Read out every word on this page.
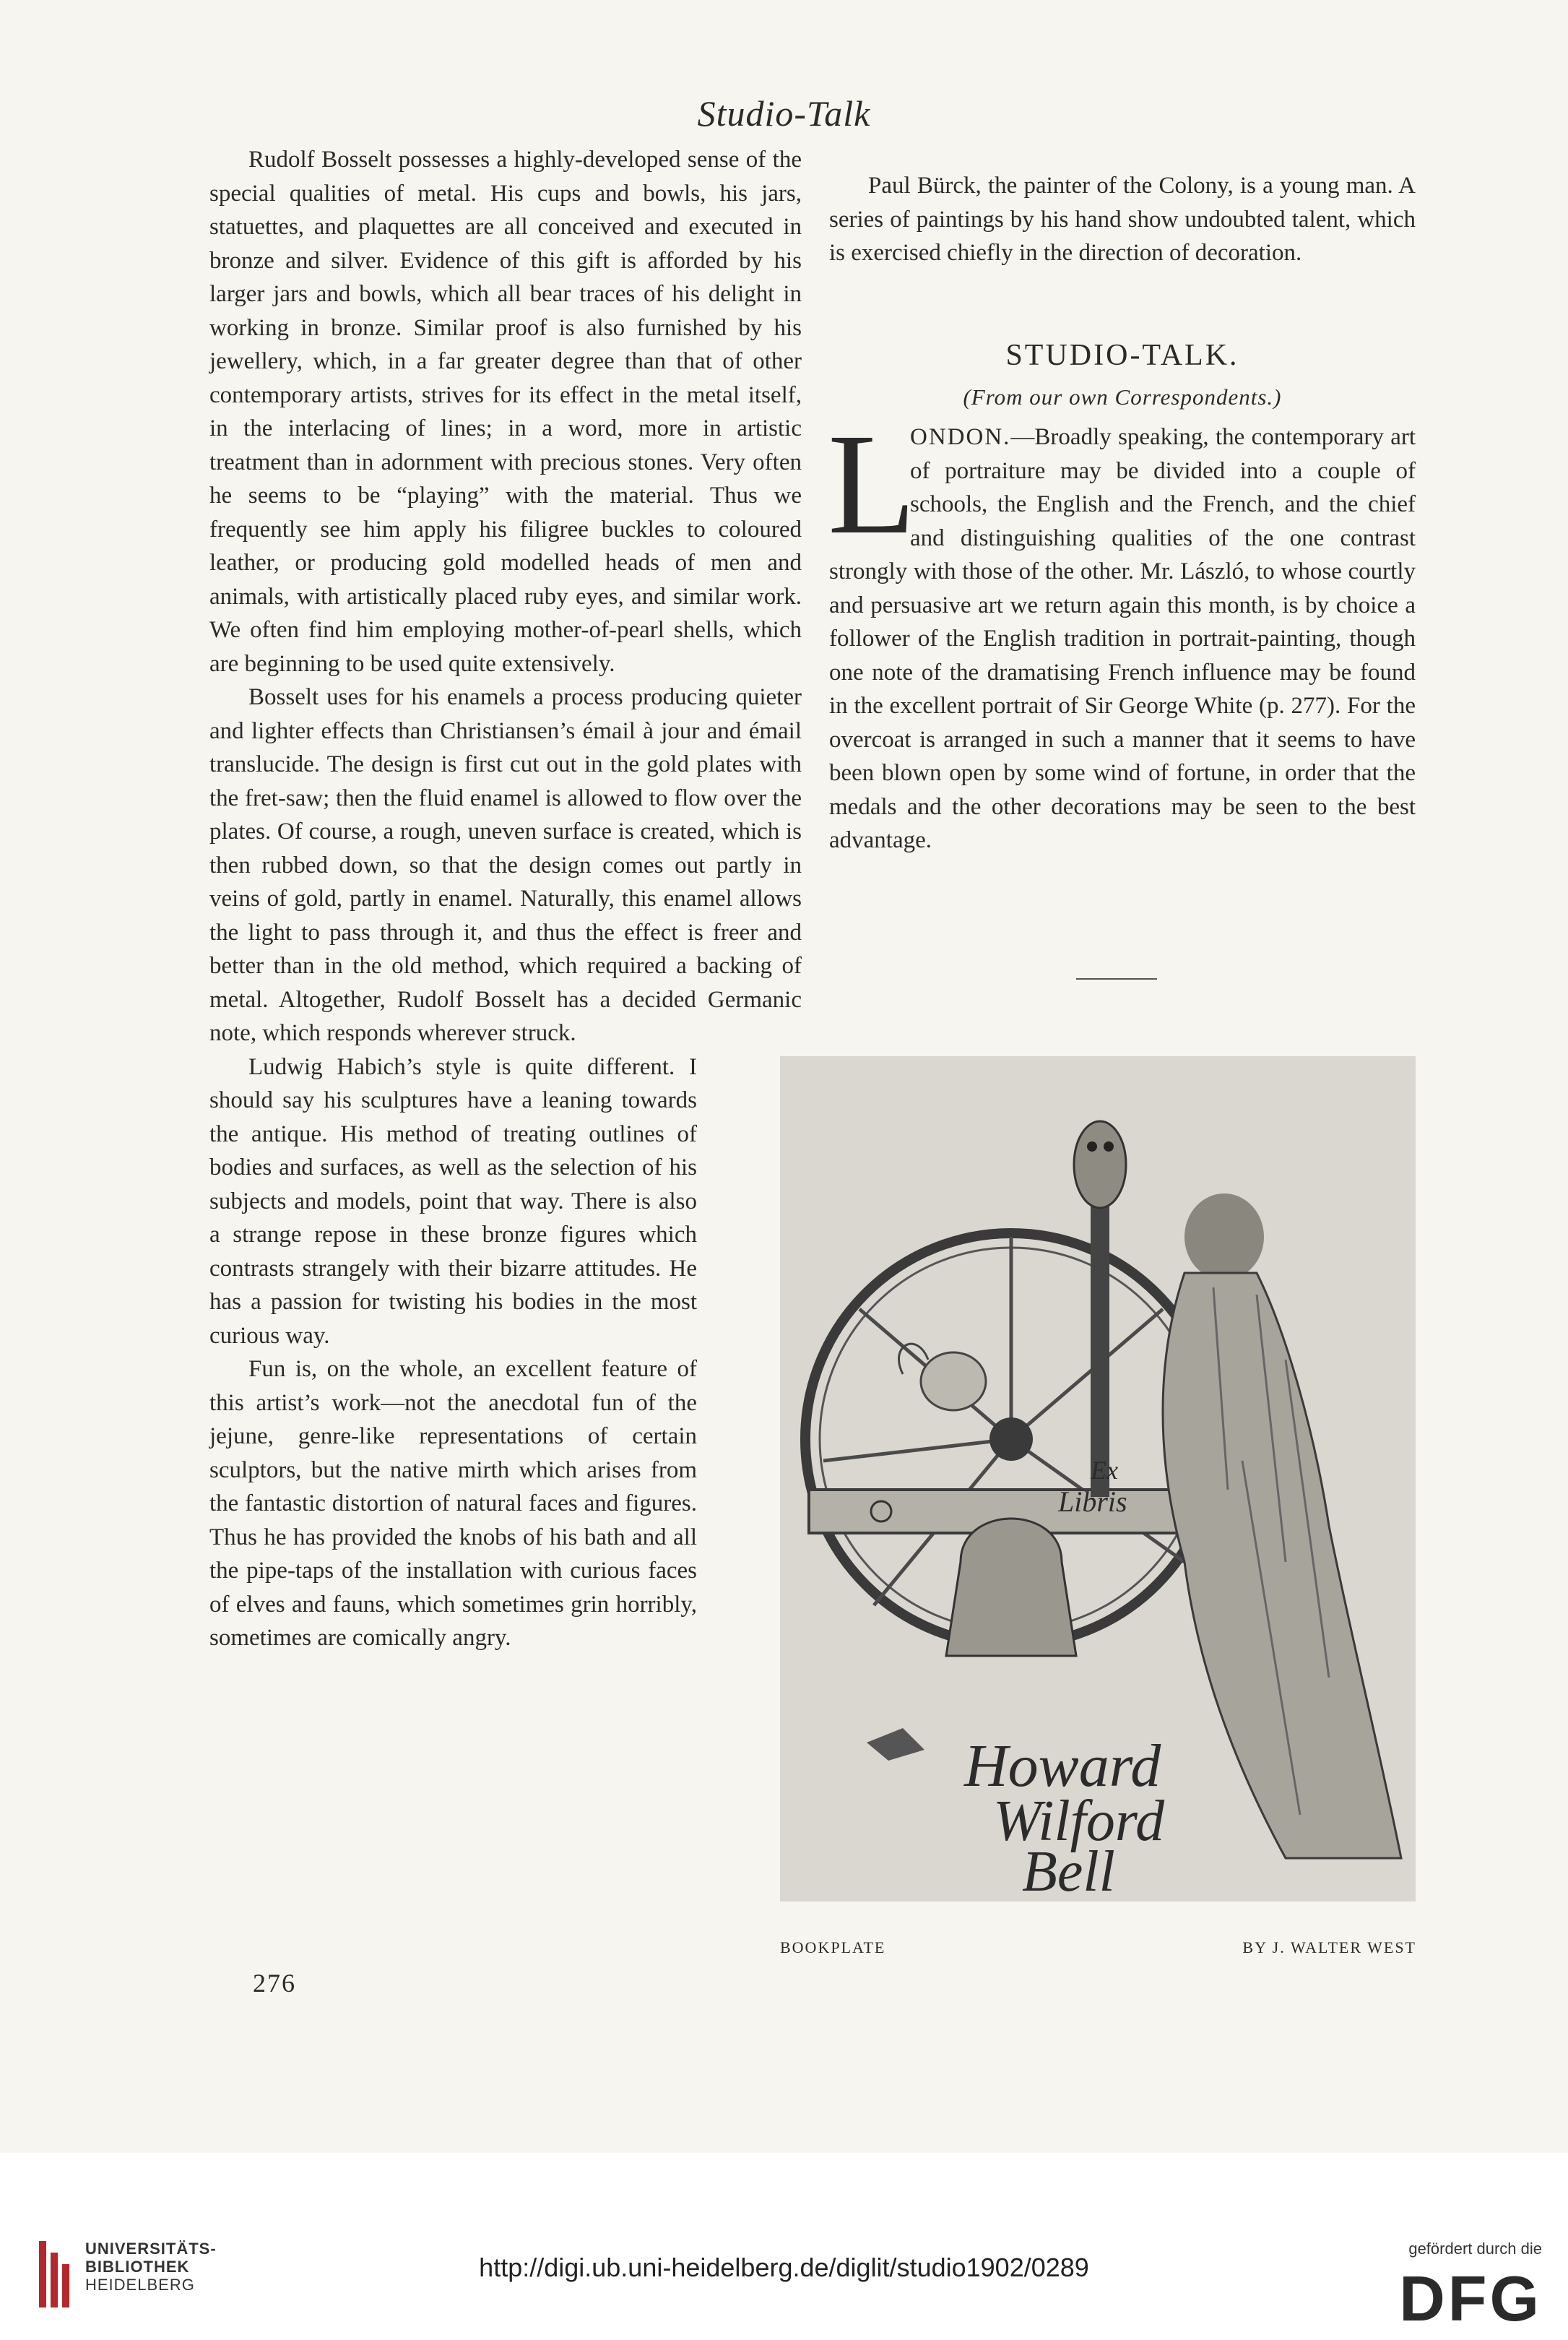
Studio-Talk

Rudolf Bosselt possesses a highly-developed sense of the special qualities of metal. His cups and bowls, his jars, statuettes, and plaquettes are all conceived and executed in bronze and silver. Evidence of this gift is afforded by his larger jars and bowls, which all bear traces of his delight in working in bronze. Similar proof is also furnished by his jewellery, which, in a far greater degree than that of other contemporary artists, strives for its effect in the metal itself, in the interlacing of lines; in a word, more in artistic treatment than in adornment with precious stones. Very often he seems to be “playing” with the material. Thus we frequently see him apply his filigree buckles to coloured leather, or producing gold modelled heads of men and animals, with artistically placed ruby eyes, and similar work. We often find him employing mother-of-pearl shells, which are beginning to be used quite extensively.

Bosselt uses for his enamels a process producing quieter and lighter effects than Christiansen’s émail à jour and émail translucide. The design is first cut out in the gold plates with the fret-saw; then the fluid enamel is allowed to flow over the plates. Of course, a rough, uneven surface is created, which is then rubbed down, so that the design comes out partly in veins of gold, partly in enamel. Naturally, this enamel allows the light to pass through it, and thus the effect is freer and better than in the old method, which required a backing of metal. Altogether, Rudolf Bosselt has a decided Germanic note, which responds wherever struck.

Ludwig Habich’s style is quite different. I should say his sculptures have a leaning towards the antique. His method of treating outlines of bodies and surfaces, as well as the selection of his subjects and models, point that way. There is also a strange repose in these bronze figures which contrasts strangely with their bizarre attitudes. He has a passion for twisting his bodies in the most curious way.

Fun is, on the whole, an excellent feature of this artist’s work—not the anecdotal fun of the jejune, genre-like representations of certain sculptors, but the native mirth which arises from the fantastic distortion of natural faces and figures. Thus he has provided the knobs of his bath and all the pipe-taps of the installation with curious faces of elves and fauns, which sometimes grin horribly, sometimes are comically angry.

Paul Bürck, the painter of the Colony, is a young man. A series of paintings by his hand show undoubted talent, which is exercised chiefly in the direction of decoration.

STUDIO-TALK.
(From our own Correspondents.)
L
ONDON.—Broadly speaking, the contemporary art of portraiture may be divided into a couple of schools, the English and the French, and the chief and distinguishing qualities of the one contrast strongly with those of the other. Mr. László, to whose courtly and persuasive art we return again this month, is by choice a follower of the English tradition in portrait-painting, though one note of the dramatising French influence may be found in the excellent portrait of Sir George White (p. 277). For the overcoat is arranged in such a manner that it seems to have been blown open by some wind of fortune, in order that the medals and the other decorations may be seen to the best advantage.
Ex
Libris
Howard
Wilford
Bell
BOOKPLATE	BY J. WALTER WEST
276
UNIVERSITÄTS-
BIBLIOTHEK
HEIDELBERG
http://digi.ub.uni-heidelberg.de/diglit/studio1902/0289
gefördert durch die
DFG
